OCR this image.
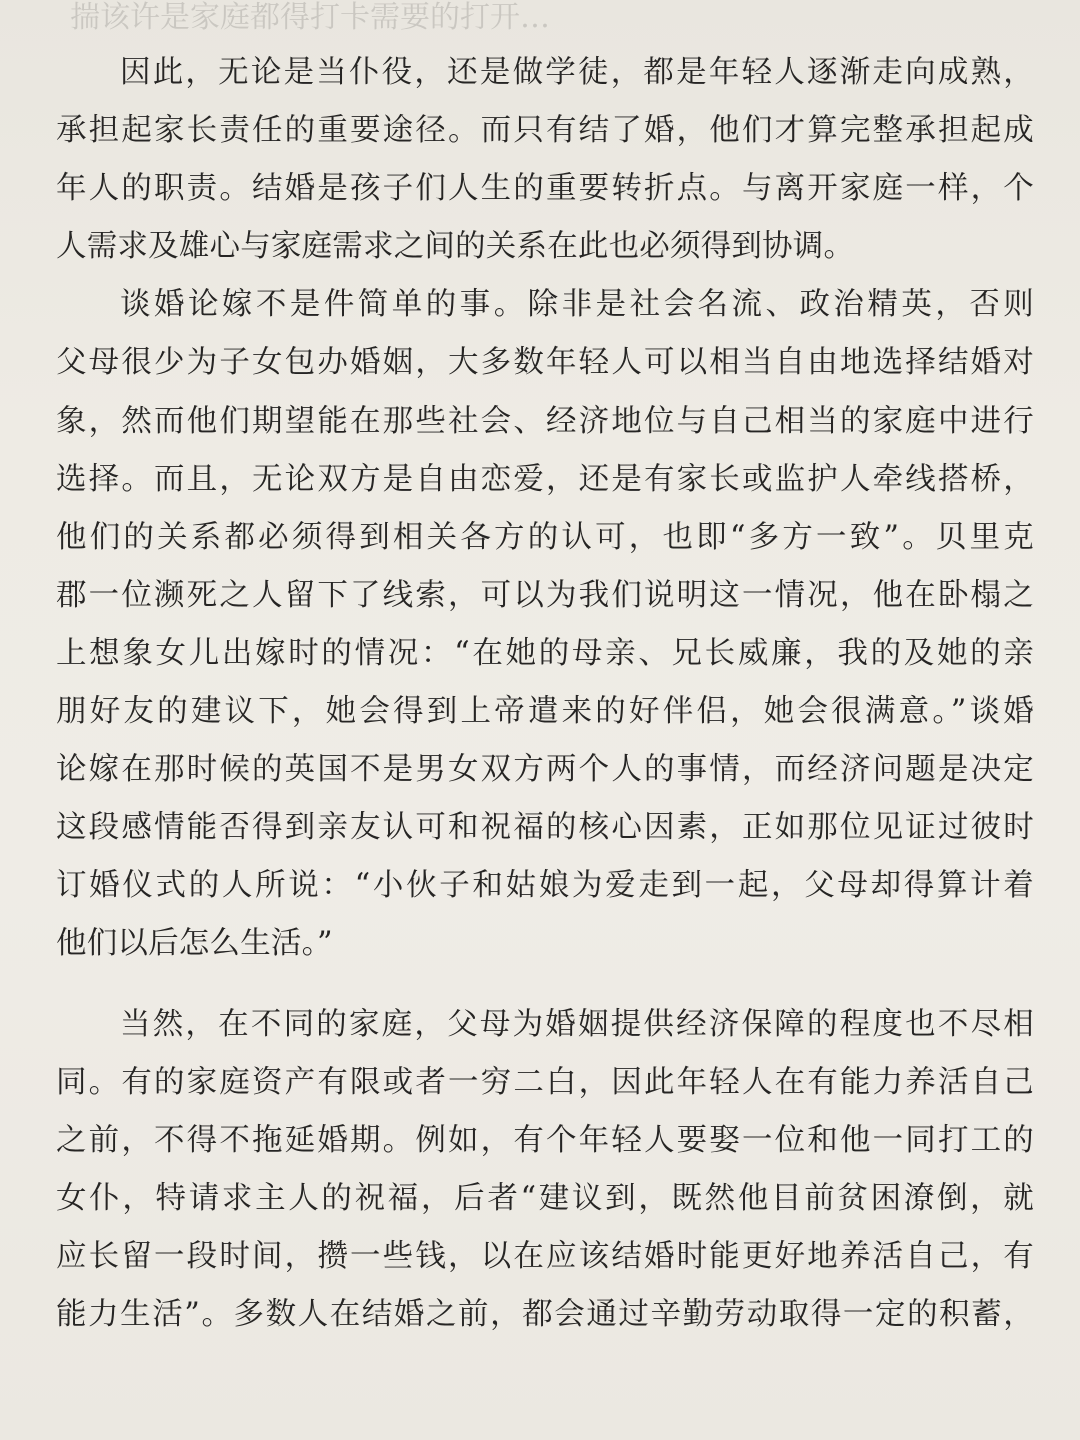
揣该许是家庭都得打卡需要的打开…
因此，无论是当仆役，还是做学徒，都是年轻人逐渐走向成熟，
承担起家长责任的重要途径。而只有结了婚，他们才算完整承担起成
年人的职责。结婚是孩子们人生的重要转折点。与离开家庭一样，个
人需求及雄心与家庭需求之间的关系在此也必须得到协调。
谈婚论嫁不是件简单的事。除非是社会名流、政治精英，否则
父母很少为子女包办婚姻，大多数年轻人可以相当自由地选择结婚对
象，然而他们期望能在那些社会、经济地位与自己相当的家庭中进行
选择。而且，无论双方是自由恋爱，还是有家长或监护人牵线搭桥，
他们的关系都必须得到相关各方的认可，也即“多方一致”。贝里克
郡一位濒死之人留下了线索，可以为我们说明这一情况，他在卧榻之
上想象女儿出嫁时的情况：“在她的母亲、兄长威廉，我的及她的亲
朋好友的建议下，她会得到上帝遣来的好伴侣，她会很满意。”谈婚
论嫁在那时候的英国不是男女双方两个人的事情，而经济问题是决定
这段感情能否得到亲友认可和祝福的核心因素，正如那位见证过彼时
订婚仪式的人所说：“小伙子和姑娘为爱走到一起，父母却得算计着
他们以后怎么生活。”
当然，在不同的家庭，父母为婚姻提供经济保障的程度也不尽相
同。有的家庭资产有限或者一穷二白，因此年轻人在有能力养活自己
之前，不得不拖延婚期。例如，有个年轻人要娶一位和他一同打工的
女仆，特请求主人的祝福，后者“建议到，既然他目前贫困潦倒，就
应长留一段时间，攒一些钱，以在应该结婚时能更好地养活自己，有
能力生活”。多数人在结婚之前，都会通过辛勤劳动取得一定的积蓄，
